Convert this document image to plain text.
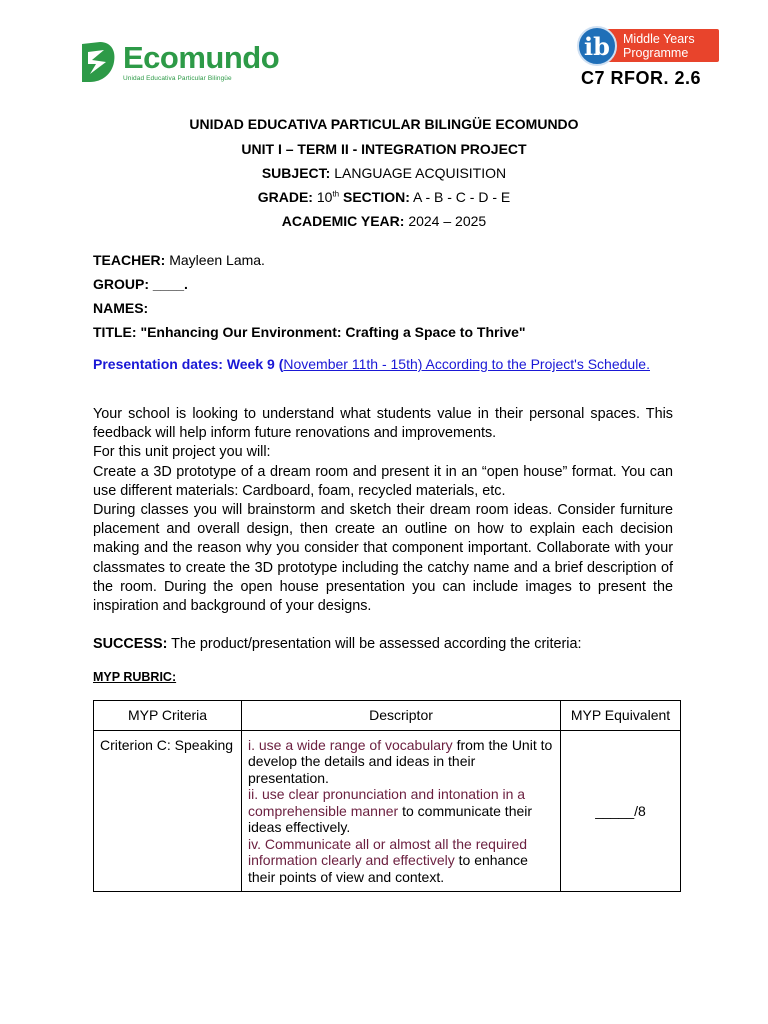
Ecomundo
Unidad Educativa Particular Bilingüe
Middle Years
Programme
ib
C7 RFOR. 2.6
UNIDAD EDUCATIVA PARTICULAR BILINGÜE ECOMUNDO
UNIT I – TERM II - INTEGRATION PROJECT
SUBJECT: LANGUAGE ACQUISITION
GRADE: 10th SECTION: A - B - C - D - E
ACADEMIC YEAR: 2024 – 2025
TEACHER: Mayleen Lama.
GROUP: ____.
NAMES:
TITLE: "Enhancing Our Environment: Crafting a Space to Thrive"
Presentation dates: Week 9 (November 11th - 15th) According to the Project's Schedule.

Your school is looking to understand what students value in their personal spaces. This feedback will help inform future renovations and improvements.

For this unit project you will:

Create a 3D prototype of a dream room and present it in an “open house” format. You can use different materials: Cardboard, foam, recycled materials, etc.

During classes you will brainstorm and sketch their dream room ideas. Consider furniture placement and overall design, then create an outline on how to explain each decision making and the reason why you consider that component important. Collaborate with your classmates to create the 3D prototype including the catchy name and a brief description of the room. During the open house presentation you can include images to present the inspiration and background of your designs.

SUCCESS: The product/presentation will be assessed according the criteria:
MYP RUBRIC:
MYP Criteria	Descriptor	MYP Equivalent
Criterion C: Speaking	i. use a wide range of vocabulary from the Unit to develop the details and ideas in their presentation.
ii. use clear pronunciation and intonation in a comprehensible manner to communicate their ideas effectively.
iv. Communicate all or almost all the required information clearly and effectively to enhance their points of view and context.	_____/8
